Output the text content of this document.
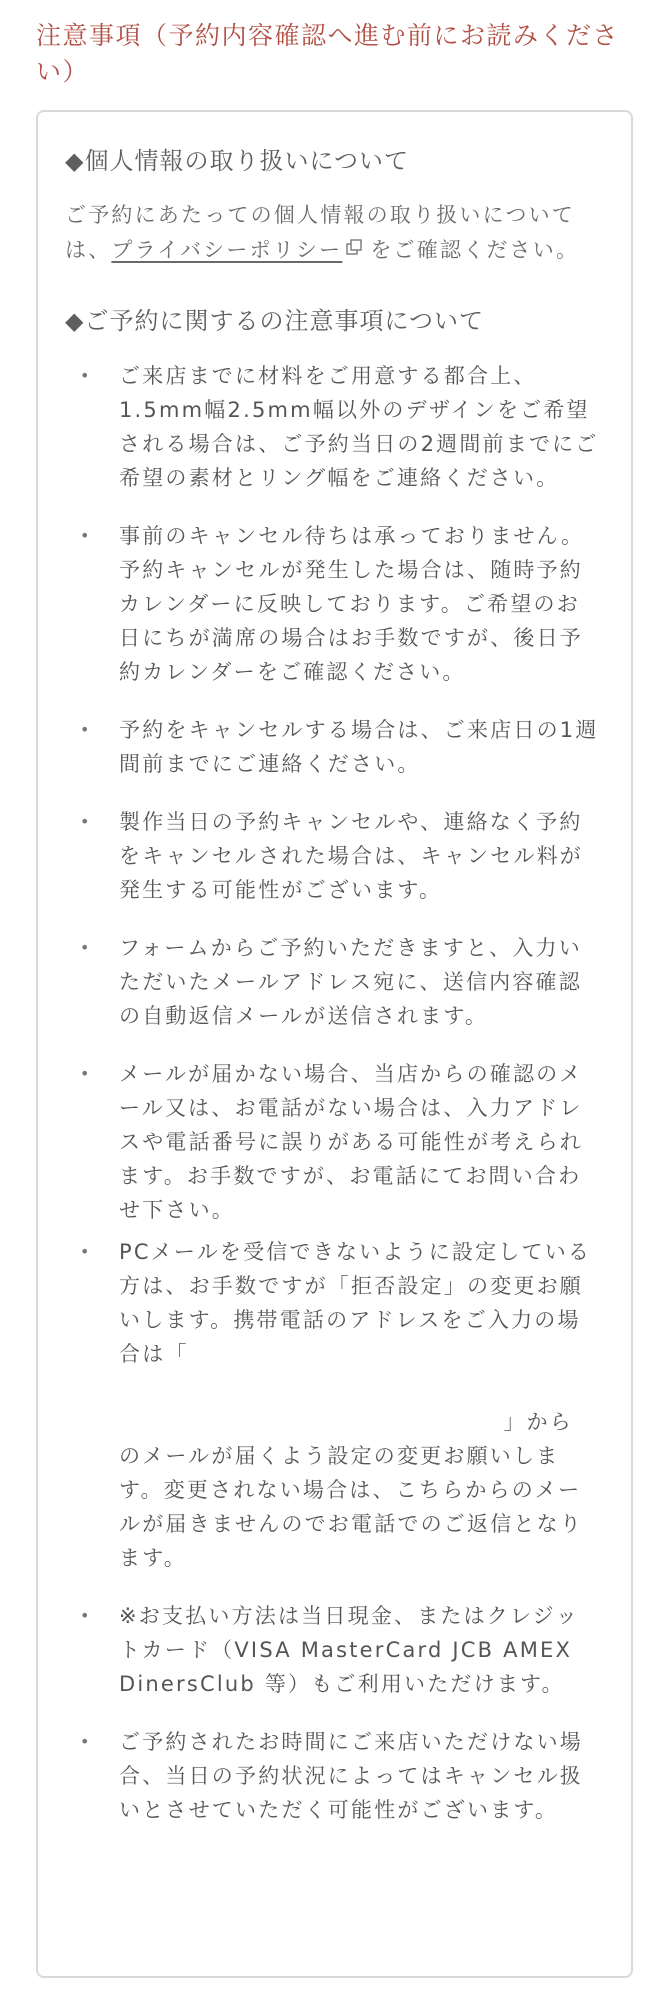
注意事項（予約内容確認へ進む前にお読みください）
◆個人情報の取り扱いについて

ご予約にあたっての個人情報の取り扱いについては、プライバシーポリシー をご確認ください。

◆ご予約に関するの注意事項について
•	ご来店までに材料をご用意する都合上、1.5mm幅2.5mm幅以外のデザインをご希望される場合は、ご予約当日の2週間前までにご希望の素材とリング幅をご連絡ください。
•	事前のキャンセル待ちは承っておりません。予約キャンセルが発生した場合は、随時予約カレンダーに反映しております。ご希望のお日にちが満席の場合はお手数ですが、後日予約カレンダーをご確認ください。
•	予約をキャンセルする場合は、ご来店日の1週間前までにご連絡ください。
•	製作当日の予約キャンセルや、連絡なく予約をキャンセルされた場合は、キャンセル料が発生する可能性がございます。
•	フォームからご予約いただきますと、入力いただいたメールアドレス宛に、送信内容確認の自動返信メールが送信されます。
•	メールが届かない場合、当店からの確認のメール又は、お電話がない場合は、入力アドレスや電話番号に誤りがある可能性が考えられます。お手数ですが、お電話にてお問い合わせ下さい。
•	PCメールを受信できないように設定している方は、お手数ですが「拒否設定」の変更お願いします。携帯電話のアドレスをご入力の場合は「
」から
のメールが届くよう設定の変更お願いします。変更されない場合は、こちらからのメールが届きませんのでお電話でのご返信となります。
•	※お支払い方法は当日現金、またはクレジットカード（VISA MasterCard JCB AMEX DinersClub 等）もご利用いただけます。
•	ご予約されたお時間にご来店いただけない場合、当日の予約状況によってはキャンセル扱いとさせていただく可能性がございます。
